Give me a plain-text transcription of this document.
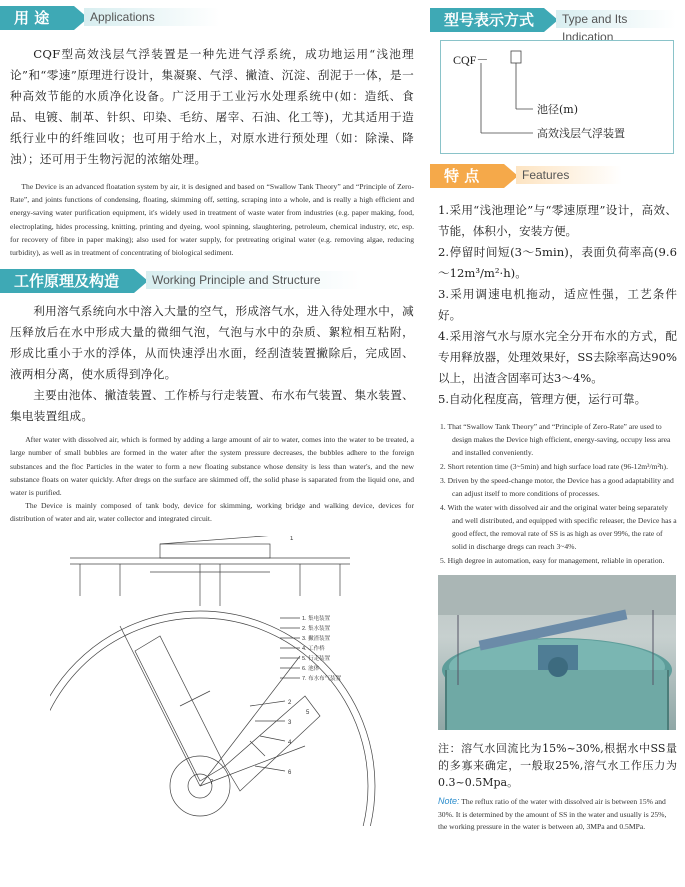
用 途	Applications

CQF型高效浅层气浮装置是一种先进气浮系统，成功地运用“浅池理论”和“零速”原理进行设计，集凝聚、气浮、撇渣、沉淀、刮泥于一体，是一种高效节能的水质净化设备。广泛用于工业污水处理系统中(如：造纸、食品、电镀、制革、针织、印染、毛纺、屠宰、石油、化工等)，尤其适用于造纸行业中的纤维回收；也可用于给水上，对原水进行预处理（如：除澡、降浊）；还可用于生物污泥的浓缩处理。

The Device is an advanced floatation system by air, it is designed and based on “Swallow Tank Theory” and “Principle of Zero-Rate”, and joints functions of condensing, floating, skimming off, setting, scraping into a whole, and is really a high efficient and energy-saving water purification equipment, it's widely used in treatment of waste water from industries (e.g. paper making, food, electroplating, hides processing, knitting, printing and dyeing, wool spinning, slaughtering, petroleum, chemical industry, etc, esp. for recovery of fibre in paper making); also used for water supply, for pretreating original water (e.g. removing algae, reducing turbidity), as well as in treatment of concentrating of biological sediment.

工作原理及构造	Working Principle and Structure

利用溶气系统向水中溶入大量的空气，形成溶气水，进入待处理水中，减压释放后在水中形成大量的微细气泡，气泡与水中的杂质、絮粒相互粘附，形成比重小于水的浮体，从而快速浮出水面，经刮渣装置撇除后，完成固、液两相分离，使水质得到净化。

主要由池体、撇渣装置、工作桥与行走装置、布水布气装置、集水装置、集电装置组成。

After water with dissolved air, which is formed by adding a large amount of air to water, comes into the water to be treated, a large number of small bubbles are formed in the water after the system pressure decreases, the bubbles adhere to the foreign substances and the floc Particles in the water to form a new floating substance whose density is less than water's, and the new substance floats on water quickly. After dregs on the surface are skimmed off, the solid phase is saparated from the liquid one, and water is purified.

The Device is mainly composed of tank body, device for skimming, working bridge and walking device, devices for distribution of water and air, water collector and integrated circuit.

1. 集电装置
2. 集水装置
3. 撇渣装置
4. 工作桥
5. 行走装置
6. 池体
7. 布水布气装置
2
3
4
6
1
5
7
型号表示方式	Type and Its Indication
CQF－
池径(m)
高效浅层气浮装置
特 点	Features
1.采用“浅池理论”与“零速原理”设计，高效、节能，体积小，安装方便。
2.停留时间短(3～5min)，表面负荷率高(9.6～12m³/m²·h)。
3.采用调速电机拖动，适应性强，工艺条件好。
4.采用溶气水与原水完全分开布水的方式，配专用释放器，处理效果好，SS去除率高达90%以上，出渣含固率可达3～4%。
5.自动化程度高，管理方便，运行可靠。
1. That “Swallow Tank Theory” and “Principle of Zero-Rate” are used to design makes the Device high efficient, energy-saving, occupy less area and installed conveniently.
2. Short retention time (3~5min) and high surface load rate (96-12m³/m²h).
3. Driven by the speed-change motor, the Device has a good adaptability and can adjust itself to more conditions of processes.
4. With the water with dissolved air and the original water being separately and well distributed, and equipped with specific releaser, the Device has a good effect, the removal rate of SS is as high as over 99%, the rate of solid in discharge dregs can reach 3~4%.
5. High degree in automation, easy for management, reliable in operation.

注：溶气水回流比为15%~30%,根据水中SS量的多寡来确定，一般取25%,溶气水工作压力为0.3~0.5Mpa。

Note: The reflux ratio of the water with dissolved air is between 15% and 30%. It is determined by the amount of SS in the water and usually is 25%, the working pressure in the water is between a0, 3MPa and 0.5MPa.
